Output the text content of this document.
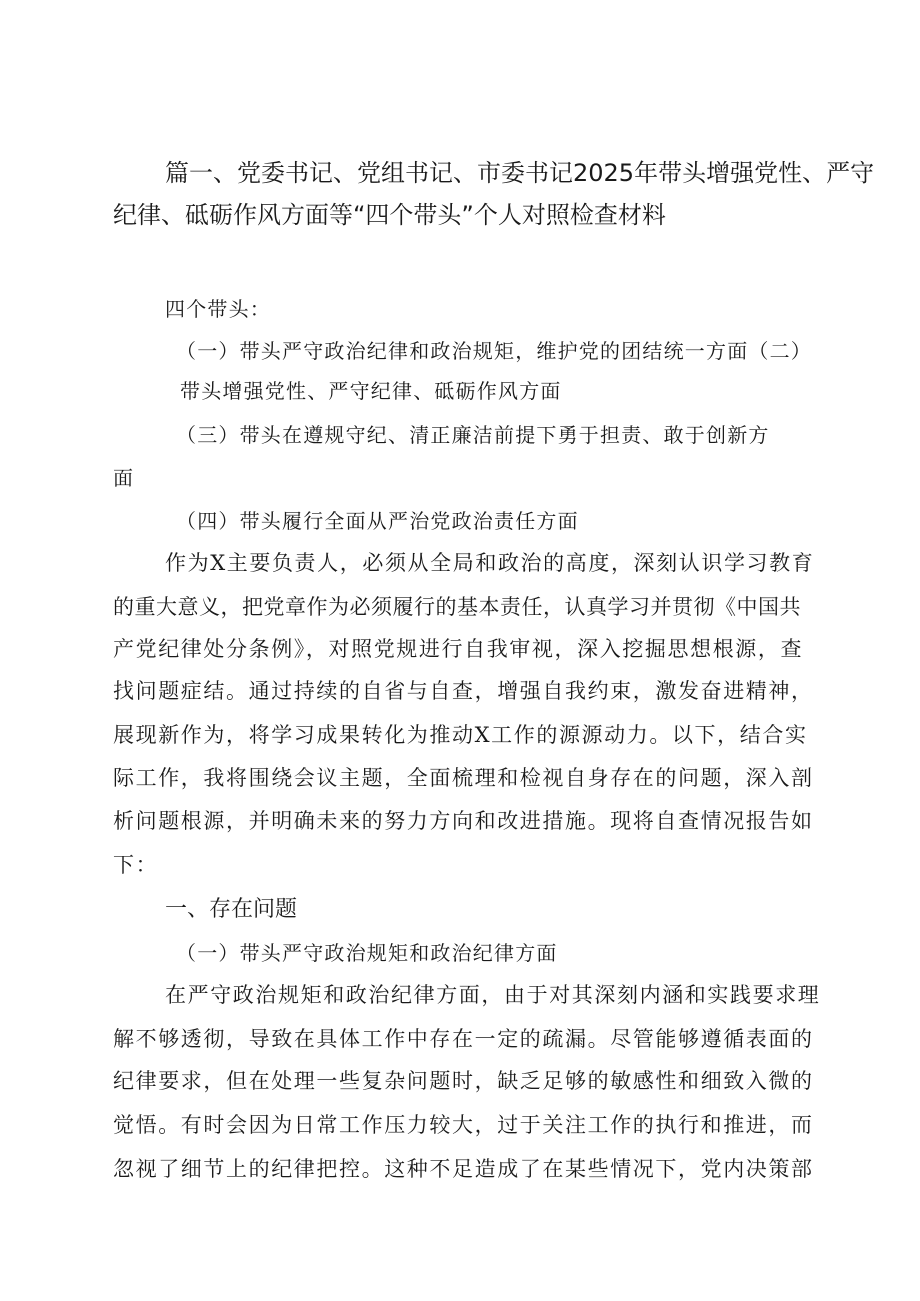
篇一、党委书记、党组书记、市委书记2025年带头增强党性、严守
纪律、砥砺作风方面等“四个带头”个人对照检查材料
四个带头：
（一）带头严守政治纪律和政治规矩，维护党的团结统一方面（二）
带头增强党性、严守纪律、砥砺作风方面
（三）带头在遵规守纪、清正廉洁前提下勇于担责、敢于创新方
面
（四）带头履行全面从严治党政治责任方面
作为X主要负责人，必须从全局和政治的高度，深刻认识学习教育
的重大意义，把党章作为必须履行的基本责任，认真学习并贯彻《中国共
产党纪律处分条例》，对照党规进行自我审视，深入挖掘思想根源，查
找问题症结。通过持续的自省与自查，增强自我约束，激发奋进精神，
展现新作为，将学习成果转化为推动X工作的源源动力。以下，结合实
际工作，我将围绕会议主题，全面梳理和检视自身存在的问题，深入剖
析问题根源，并明确未来的努力方向和改进措施。现将自查情况报告如
下：
一、存在问题
（一）带头严守政治规矩和政治纪律方面
在严守政治规矩和政治纪律方面，由于对其深刻内涵和实践要求理
解不够透彻，导致在具体工作中存在一定的疏漏。尽管能够遵循表面的
纪律要求，但在处理一些复杂问题时，缺乏足够的敏感性和细致入微的
觉悟。有时会因为日常工作压力较大，过于关注工作的执行和推进，而
忽视了细节上的纪律把控。这种不足造成了在某些情况下，党内决策部
